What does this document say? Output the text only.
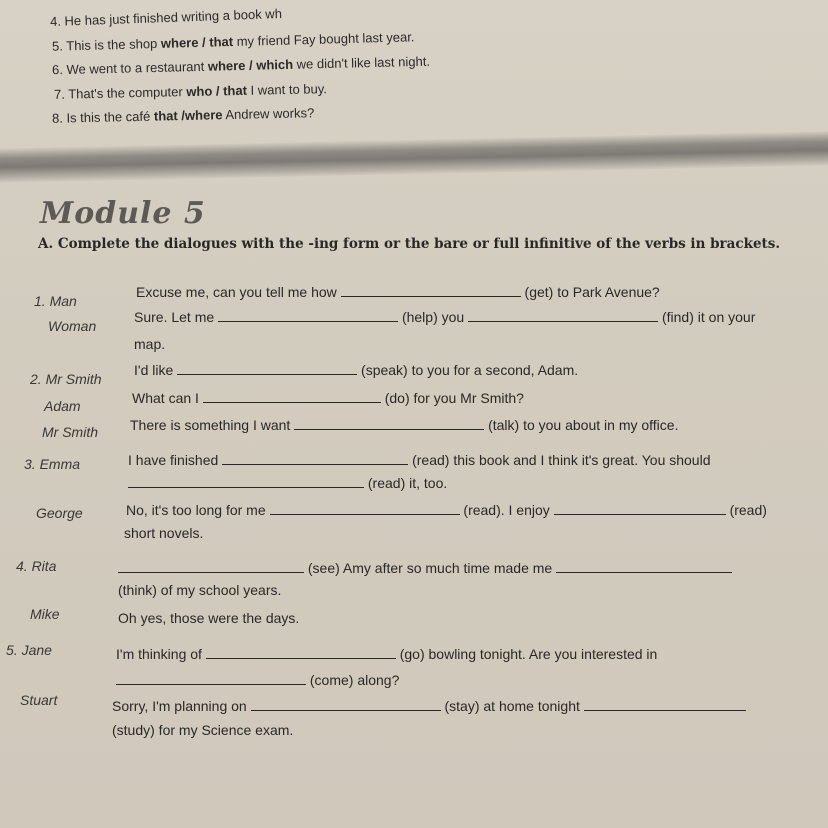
4. He has just finished writing a book wh
5. This is the shop where / that my friend Fay bought last year.
6. We went to a restaurant where / which we didn't like last night.
7. That's the computer who / that I want to buy.
8. Is this the café that /where Andrew works?
Module 5
A. Complete the dialogues with the -ing form or the bare or full infinitive of the verbs in brackets.
1. Man
Excuse me, can you tell me how	(get) to Park Avenue?
Woman
Sure. Let me	(help) you	(find) it on your
map.
2. Mr Smith
I'd like	(speak) to you for a second, Adam.
Adam	What can I	(do) for you Mr Smith?
Mr Smith There is something I want	(talk) to you about in my office.
3. Emma	I have finished	(read) this book and I think it's great. You should
(read) it, too.
George	No, it's too long for me	(read). I enjoy	(read)
short novels.
4. Rita	(see) Amy after so much time made me
(think) of my school years.
Mike	Oh yes, those were the days.
5. Jane	I'm thinking of	(go) bowling tonight. Are you interested in
(come) along?
Stuart	Sorry, I'm planning on	(stay) at home tonight
(study) for my Science exam.
